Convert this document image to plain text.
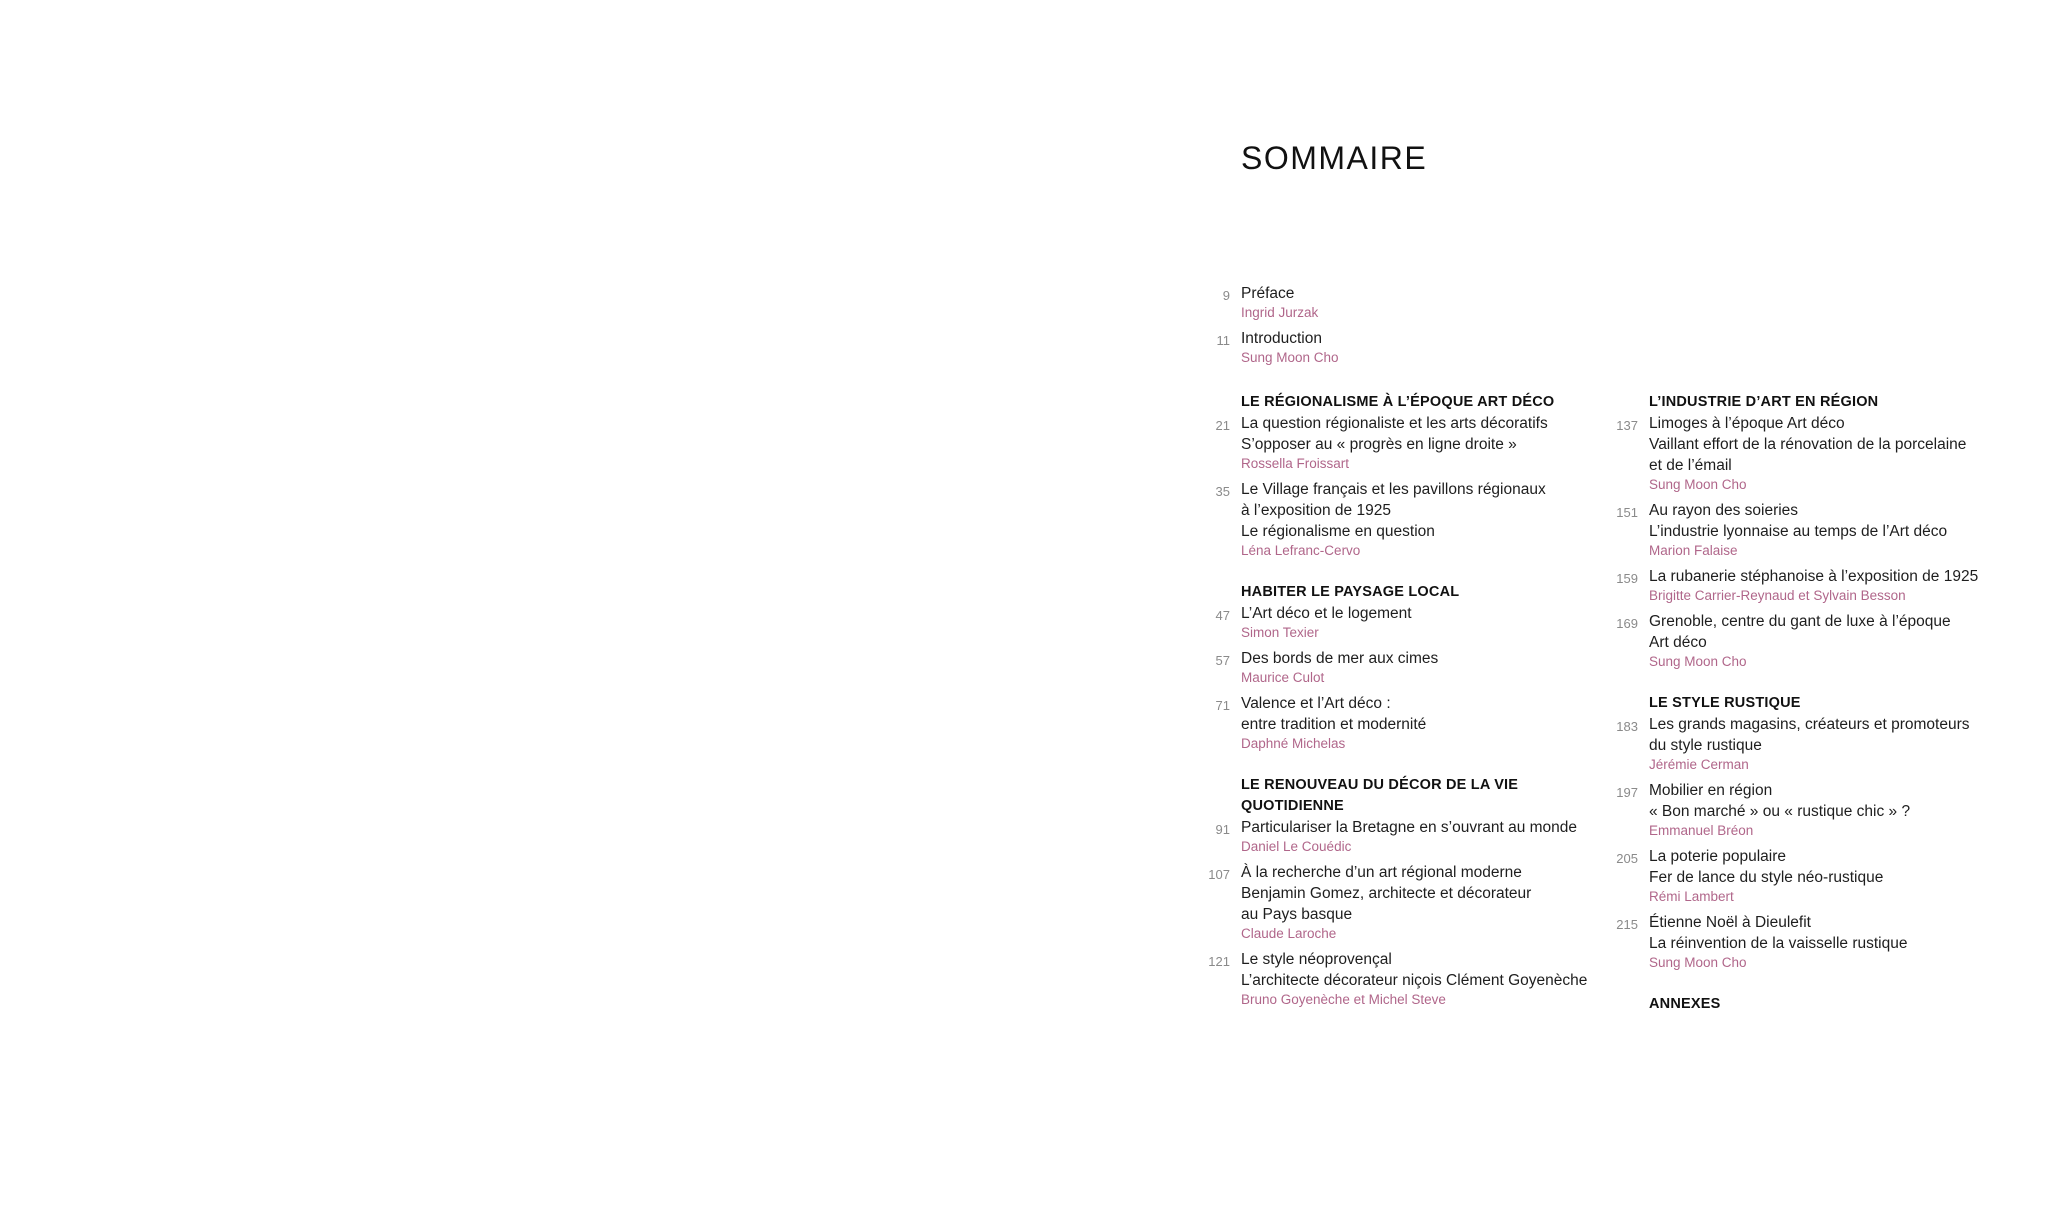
SOMMAIRE
9 Préface
Ingrid Jurzak
11 Introduction
Sung Moon Cho
LE RÉGIONALISME À L’ÉPOQUE ART DÉCO
21 La question régionaliste et les arts décoratifs
S’opposer au « progrès en ligne droite »
Rossella Froissart
35 Le Village français et les pavillons régionaux
à l’exposition de 1925
Le régionalisme en question
Léna Lefranc-Cervo
HABITER LE PAYSAGE LOCAL
47 L’Art déco et le logement
Simon Texier
57 Des bords de mer aux cimes
Maurice Culot
71 Valence et l’Art déco :
entre tradition et modernité
Daphné Michelas
LE RENOUVEAU DU DÉCOR DE LA VIE QUOTIDIENNE
91 Particulariser la Bretagne en s’ouvrant au monde
Daniel Le Couédic
107 À la recherche d’un art régional moderne
Benjamin Gomez, architecte et décorateur
au Pays basque
Claude Laroche
121 Le style néoprovençal
L’architecte décorateur niçois Clément Goyenèche
Bruno Goyenèche et Michel Steve
L’INDUSTRIE D’ART EN RÉGION
137 Limoges à l’époque Art déco
Vaillant effort de la rénovation de la porcelaine
et de l’émail
Sung Moon Cho
151 Au rayon des soieries
L’industrie lyonnaise au temps de l’Art déco
Marion Falaise
159 La rubanerie stéphanoise à l’exposition de 1925
Brigitte Carrier-Reynaud et Sylvain Besson
169 Grenoble, centre du gant de luxe à l’époque
Art déco
Sung Moon Cho
LE STYLE RUSTIQUE
183 Les grands magasins, créateurs et promoteurs
du style rustique
Jérémie Cerman
197 Mobilier en région
« Bon marché » ou « rustique chic » ?
Emmanuel Bréon
205 La poterie populaire
Fer de lance du style néo-rustique
Rémi Lambert
215 Étienne Noël à Dieulefit
La réinvention de la vaisselle rustique
Sung Moon Cho
ANNEXES
